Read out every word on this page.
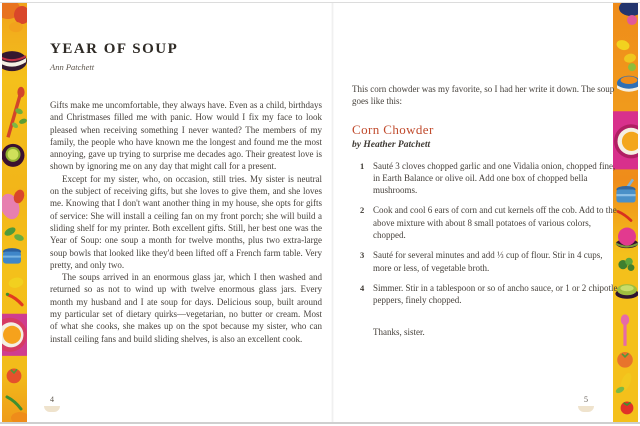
YEAR OF SOUP

Ann Patchett

Gifts make me uncomfortable, they always have. Even as a child, birthdays and Christmases filled me with panic. How would I fix my face to look pleased when receiving something I never wanted? The members of my family, the people who have known me the longest and found me the most annoying, gave up trying to surprise me decades ago. Their greatest love is shown by ignoring me on any day that might call for a present.

Except for my sister, who, on occasion, still tries. My sister is neutral on the subject of receiving gifts, but she loves to give them, and she loves me. Knowing that I don't want another thing in my house, she opts for gifts of service: She will install a ceiling fan on my front porch; she will build a sliding shelf for my printer. Both excellent gifts. Still, her best one was the Year of Soup: one soup a month for twelve months, plus two extra-large soup bowls that looked like they'd been lifted off a French farm table. Very pretty, and only two.

The soups arrived in an enormous glass jar, which I then washed and returned so as not to wind up with twelve enormous glass jars. Every month my husband and I ate soup for days. Delicious soup, built around my particular set of dietary quirks—vegetarian, no butter or cream. Most of what she cooks, she makes up on the spot because my sister, who can install ceiling fans and build sliding shelves, is also an excellent cook.

This corn chowder was my favorite, so I had her write it down. The soup goes like this:

Corn Chowder

by Heather Patchett

1 Sauté 3 cloves chopped garlic and one Vidalia onion, chopped fine, in Earth Balance or olive oil. Add one box of chopped bella mushrooms.
2 Cook and cool 6 ears of corn and cut kernels off the cob. Add to the above mixture with about 8 small potatoes of various colors, chopped.
3 Sauté for several minutes and add ⅓ cup of flour. Stir in 4 cups, more or less, of vegetable broth.
4 Simmer. Stir in a tablespoon or so of ancho sauce, or 1 or 2 chipotle peppers, finely chopped.

Thanks, sister.

4	5
